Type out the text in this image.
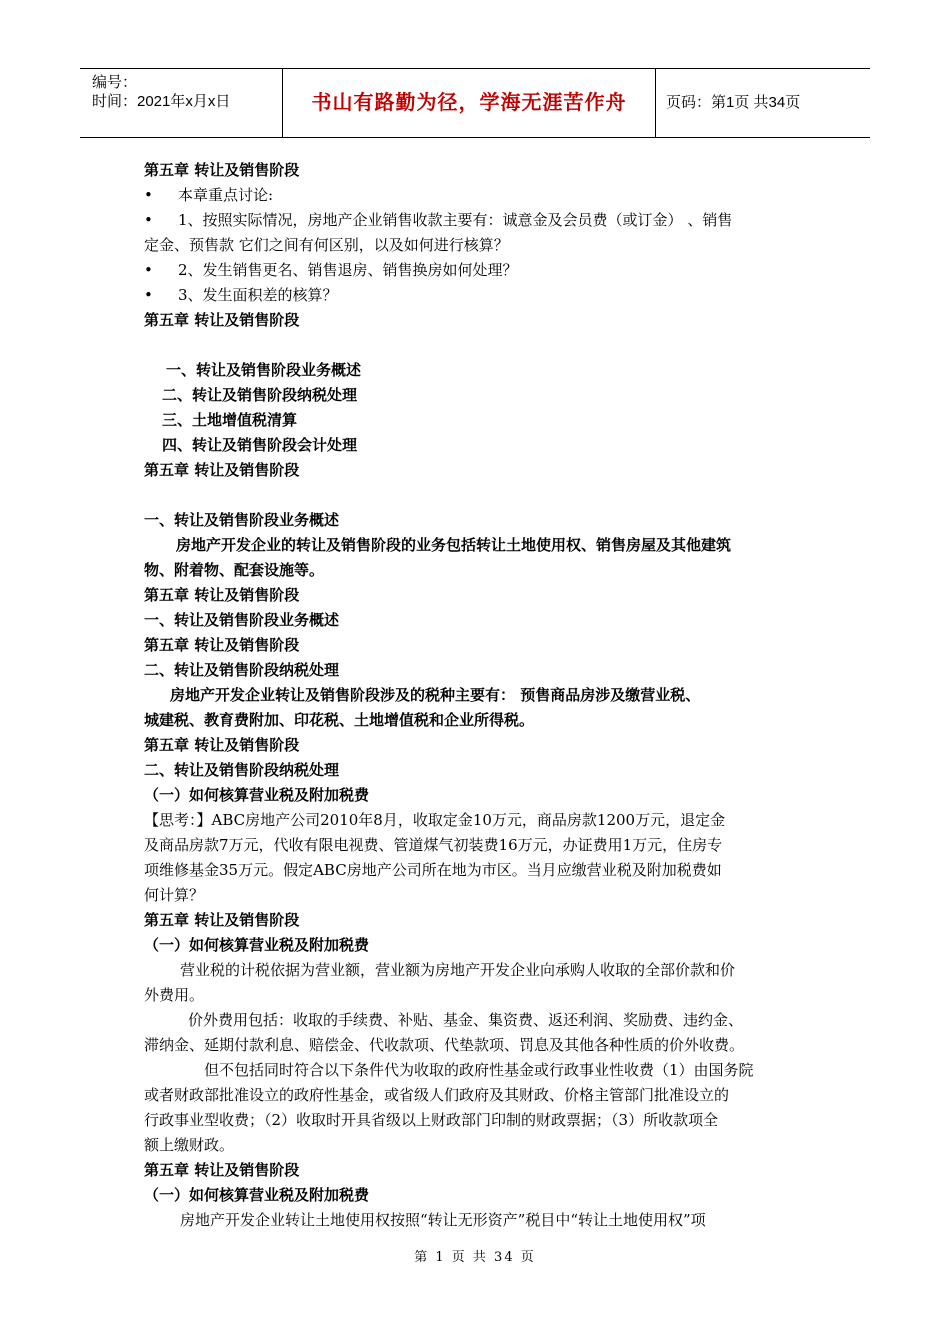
编号：
时间：2021年x月x日	书山有路勤为径，学海无涯苦作舟	页码：第1页 共34页
第五章 转让及销售阶段
• 本章重点讨论:
• 1、按照实际情况，房地产企业销售收款主要有：诚意金及会员费（或订金） 、销售
定金、预售款 它们之间有何区别，以及如何进行核算？
• 2、发生销售更名、销售退房、销售换房如何处理？
• 3、发生面积差的核算？
第五章 转让及销售阶段
一、转让及销售阶段业务概述
二、转让及销售阶段纳税处理
三、土地增值税清算
四、转让及销售阶段会计处理
第五章 转让及销售阶段
一、转让及销售阶段业务概述
房地产开发企业的转让及销售阶段的业务包括转让土地使用权、销售房屋及其他建筑
物、附着物、配套设施等。
第五章 转让及销售阶段
一、转让及销售阶段业务概述
第五章 转让及销售阶段
二、转让及销售阶段纳税处理
房地产开发企业转让及销售阶段涉及的税种主要有： 预售商品房涉及缴营业税、
城建税、教育费附加、印花税、土地增值税和企业所得税。
第五章 转让及销售阶段
二、转让及销售阶段纳税处理
（一）如何核算营业税及附加税费
【思考：】ABC房地产公司2010年8月，收取定金10万元，商品房款1200万元，退定金
及商品房款7万元，代收有限电视费、管道煤气初装费16万元，办证费用1万元，住房专
项维修基金35万元。假定ABC房地产公司所在地为市区。当月应缴营业税及附加税费如
何计算？
第五章 转让及销售阶段
（一）如何核算营业税及附加税费
营业税的计税依据为营业额，营业额为房地产开发企业向承购人收取的全部价款和价
外费用。
价外费用包括：收取的手续费、补贴、基金、集资费、返还利润、奖励费、违约金、
滞纳金、延期付款利息、赔偿金、代收款项、代垫款项、罚息及其他各种性质的价外收费。
但不包括同时符合以下条件代为收取的政府性基金或行政事业性收费（1）由国务院
或者财政部批准设立的政府性基金，或省级人们政府及其财政、价格主管部门批准设立的
行政事业型收费；（2）收取时开具省级以上财政部门印制的财政票据；（3）所收款项全
额上缴财政。
第五章 转让及销售阶段
（一）如何核算营业税及附加税费
房地产开发企业转让土地使用权按照“转让无形资产”税目中“转让土地使用权”项
第 1 页 共 34 页
